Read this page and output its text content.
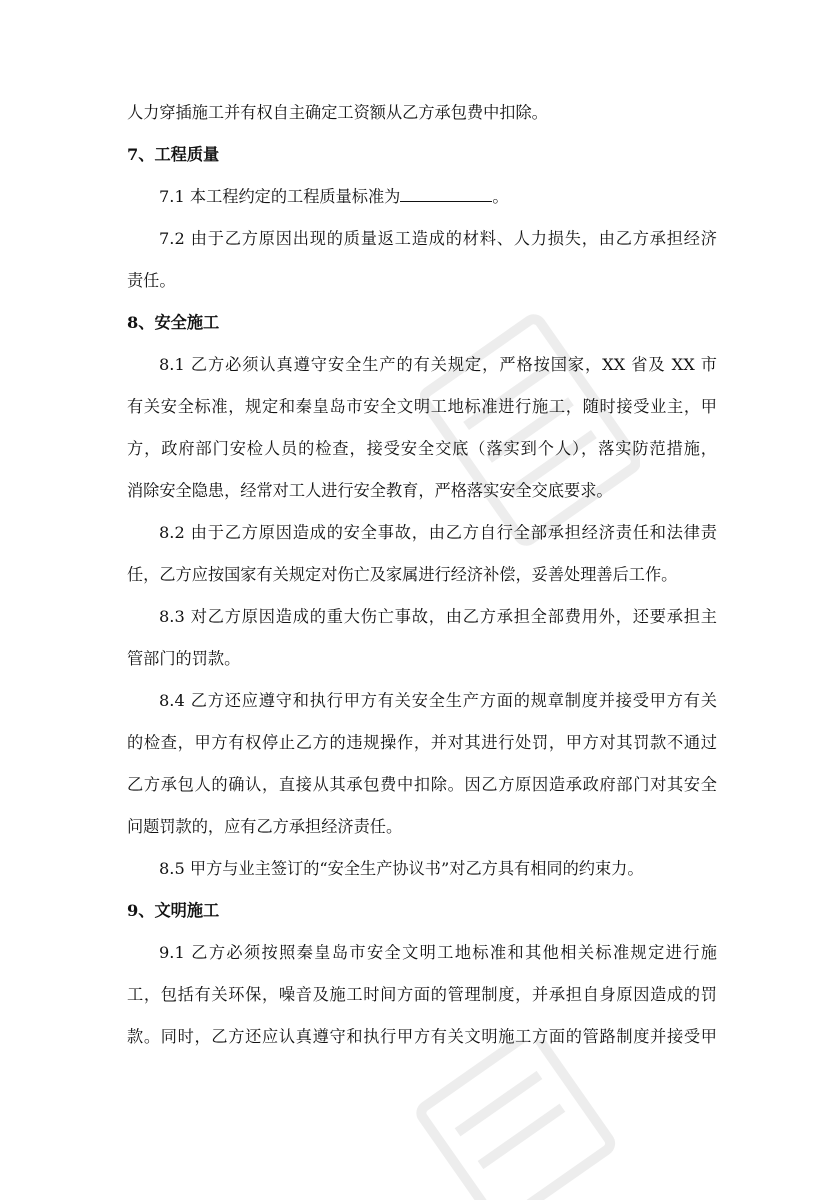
人力穿插施工并有权自主确定工资额从乙方承包费中扣除。
7、工程质量
7.1 本工程约定的工程质量标准为	。
7.2 由于乙方原因出现的质量返工造成的材料、人力损失，由乙方承担经济
责任。
8、安全施工
8.1 乙方必须认真遵守安全生产的有关规定，严格按国家，XX 省及 XX 市
有关安全标准，规定和秦皇岛市安全文明工地标准进行施工，随时接受业主，甲
方，政府部门安检人员的检查，接受安全交底（落实到个人），落实防范措施，
消除安全隐患，经常对工人进行安全教育，严格落实安全交底要求。
8.2 由于乙方原因造成的安全事故，由乙方自行全部承担经济责任和法律责
任，乙方应按国家有关规定对伤亡及家属进行经济补偿，妥善处理善后工作。
8.3 对乙方原因造成的重大伤亡事故，由乙方承担全部费用外，还要承担主
管部门的罚款。
8.4 乙方还应遵守和执行甲方有关安全生产方面的规章制度并接受甲方有关
的检查，甲方有权停止乙方的违规操作，并对其进行处罚，甲方对其罚款不通过
乙方承包人的确认，直接从其承包费中扣除。因乙方原因造承政府部门对其安全
问题罚款的，应有乙方承担经济责任。
8.5 甲方与业主签订的“安全生产协议书”对乙方具有相同的约束力。
9、文明施工
9.1 乙方必须按照秦皇岛市安全文明工地标准和其他相关标准规定进行施
工，包括有关环保，噪音及施工时间方面的管理制度，并承担自身原因造成的罚
款。同时，乙方还应认真遵守和执行甲方有关文明施工方面的管路制度并接受甲
